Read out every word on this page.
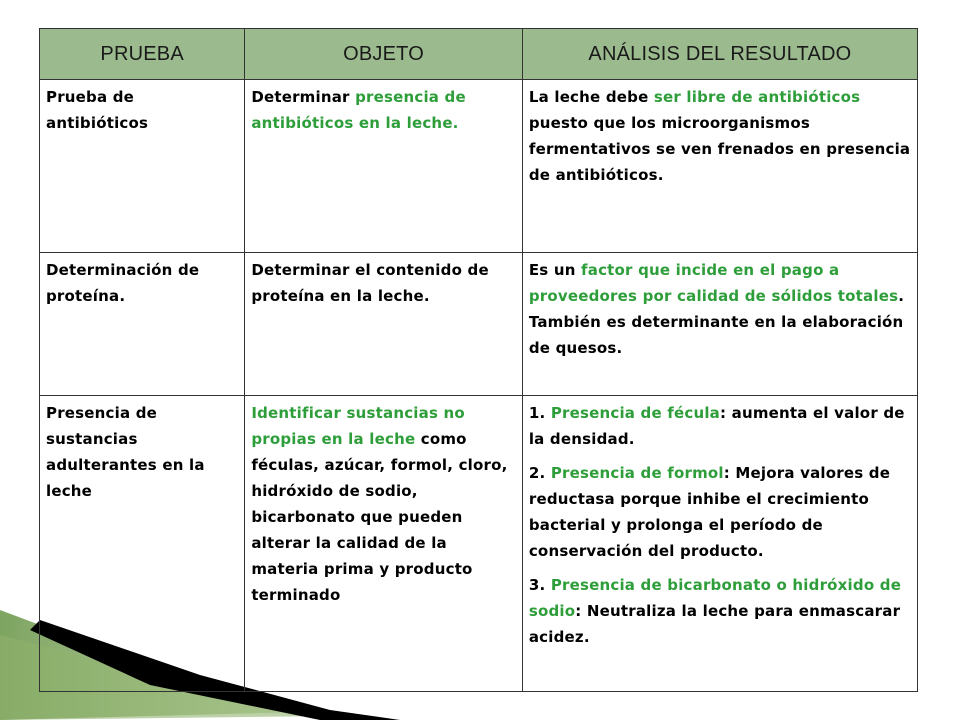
PRUEBA	OBJETO	ANÁLISIS DEL RESULTADO
Prueba de antibióticos	Determinar presencia de antibióticos en la leche.	La leche debe ser libre de antibióticos puesto que los microorganismos fermentativos se ven frenados en presencia de antibióticos.

Determinación de proteína.	Determinar el contenido de proteína en la leche.	Es un factor que incide en el pago a proveedores por calidad de sólidos totales. También es determinante en la elaboración de quesos.

Presencia de sustancias adulterantes en la leche	Identificar sustancias no propias en la leche como féculas, azúcar, formol, cloro, hidróxido de sodio, bicarbonato que pueden alterar la calidad de la materia prima y producto terminado	1. Presencia de fécula: aumenta el valor de la densidad.
2. Presencia de formol: Mejora valores de reductasa porque inhibe el crecimiento bacterial y prolonga el período de conservación del producto.
3. Presencia de bicarbonato o hidróxido de sodio: Neutraliza la leche para enmascarar acidez.
